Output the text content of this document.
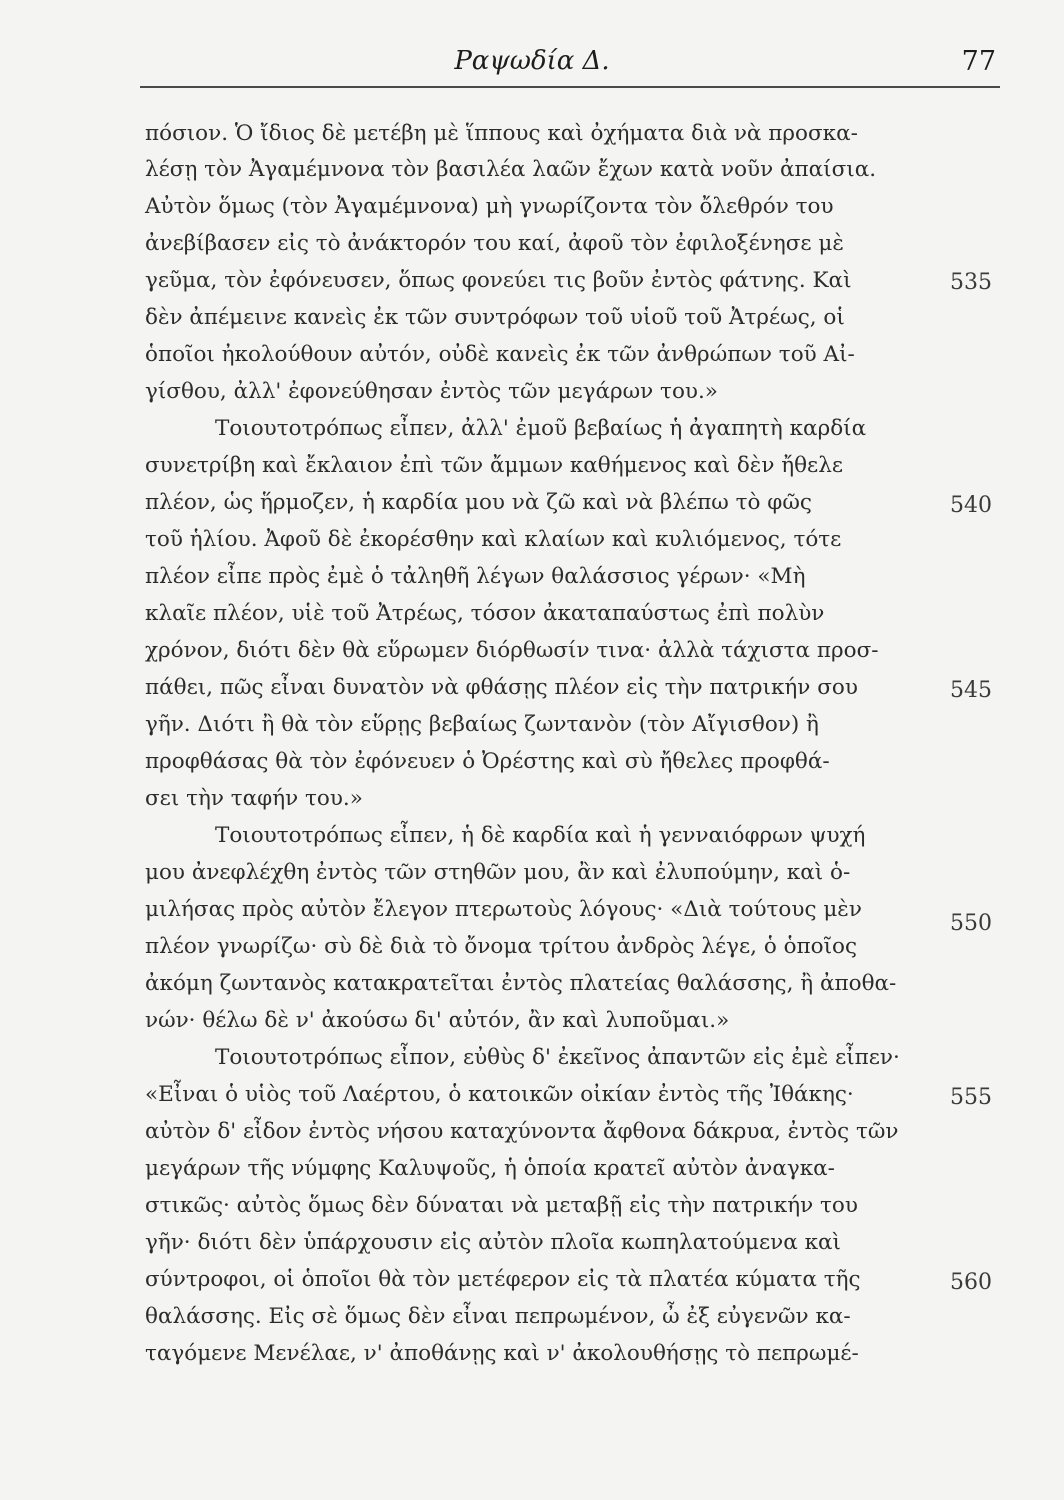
Ραψωδία Δ.	77
πόσιον. Ὁ ἴδιος δὲ μετέβη μὲ ἵππους καὶ ὀχήματα διὰ νὰ προσκα-
λέσῃ τὸν Ἀγαμέμνονα τὸν βασιλέα λαῶν ἔχων κατὰ νοῦν ἀπαίσια.
Αὐτὸν ὅμως (τὸν Ἀγαμέμνονα) μὴ γνωρίζοντα τὸν ὄλεθρόν του
ἀνεβίβασεν εἰς τὸ ἀνάκτορόν του καί, ἀφοῦ τὸν ἐφιλοξένησε μὲ
γεῦμα, τὸν ἐφόνευσεν, ὅπως φονεύει τις βοῦν ἐντὸς φάτνης. Καὶ
δὲν ἀπέμεινε κανεὶς ἐκ τῶν συντρόφων τοῦ υἱοῦ τοῦ Ἀτρέως, οἱ
ὁποῖοι ἠκολούθουν αὐτόν, οὐδὲ κανεὶς ἐκ τῶν ἀνθρώπων τοῦ Αἰ-
γίσθου, ἀλλ' ἐφονεύθησαν ἐντὸς τῶν μεγάρων του.»
Τοιουτοτρόπως εἶπεν, ἀλλ' ἐμοῦ βεβαίως ἡ ἀγαπητὴ καρδία
συνετρίβη καὶ ἔκλαιον ἐπὶ τῶν ἄμμων καθήμενος καὶ δὲν ἤθελε
πλέον, ὡς ἥρμοζεν, ἡ καρδία μου νὰ ζῶ καὶ νὰ βλέπω τὸ φῶς
τοῦ ἡλίου. Ἀφοῦ δὲ ἐκορέσθην καὶ κλαίων καὶ κυλιόμενος, τότε
πλέον εἶπε πρὸς ἐμὲ ὁ τἀληθῆ λέγων θαλάσσιος γέρων· «Μὴ
κλαῖε πλέον, υἱὲ τοῦ Ἀτρέως, τόσον ἀκαταπαύστως ἐπὶ πολὺν
χρόνον, διότι δὲν θὰ εὕρωμεν διόρθωσίν τινα· ἀλλὰ τάχιστα προσ-
πάθει, πῶς εἶναι δυνατὸν νὰ φθάσῃς πλέον εἰς τὴν πατρικήν σου
γῆν. Διότι ἢ θὰ τὸν εὕρῃς βεβαίως ζωντανὸν (τὸν Αἴγισθον) ἢ
προφθάσας θὰ τὸν ἐφόνευεν ὁ Ὀρέστης καὶ σὺ ἤθελες προφθά-
σει τὴν ταφήν του.»
Τοιουτοτρόπως εἶπεν, ἡ δὲ καρδία καὶ ἡ γενναιόφρων ψυχή
μου ἀνεφλέχθη ἐντὸς τῶν στηθῶν μου, ἂν καὶ ἐλυπούμην, καὶ ὁ-
μιλήσας πρὸς αὐτὸν ἔλεγον πτερωτοὺς λόγους· «Διὰ τούτους μὲν
πλέον γνωρίζω· σὺ δὲ διὰ τὸ ὄνομα τρίτου ἀνδρὸς λέγε, ὁ ὁποῖος
ἀκόμη ζωντανὸς κατακρατεῖται ἐντὸς πλατείας θαλάσσης, ἢ ἀποθα-
νών· θέλω δὲ ν' ἀκούσω δι' αὐτόν, ἂν καὶ λυποῦμαι.»
Τοιουτοτρόπως εἶπον, εὐθὺς δ' ἐκεῖνος ἀπαντῶν εἰς ἐμὲ εἶπεν·
«Εἶναι ὁ υἱὸς τοῦ Λαέρτου, ὁ κατοικῶν οἰκίαν ἐντὸς τῆς Ἰθάκης·
αὐτὸν δ' εἶδον ἐντὸς νήσου καταχύνοντα ἄφθονα δάκρυα, ἐντὸς τῶν
μεγάρων τῆς νύμφης Καλυψοῦς, ἡ ὁποία κρατεῖ αὐτὸν ἀναγκα-
στικῶς· αὐτὸς ὅμως δὲν δύναται νὰ μεταβῇ εἰς τὴν πατρικήν του
γῆν· διότι δὲν ὑπάρχουσιν εἰς αὐτὸν πλοῖα κωπηλατούμενα καὶ
σύντροφοι, οἱ ὁποῖοι θὰ τὸν μετέφερον εἰς τὰ πλατέα κύματα τῆς
θαλάσσης. Εἰς σὲ ὅμως δὲν εἶναι πεπρωμένον, ὦ ἐξ εὐγενῶν κα-
ταγόμενε Μενέλαε, ν' ἀποθάνῃς καὶ ν' ἀκολουθήσῃς τὸ πεπρωμέ-
535
540
545
550
555
560
